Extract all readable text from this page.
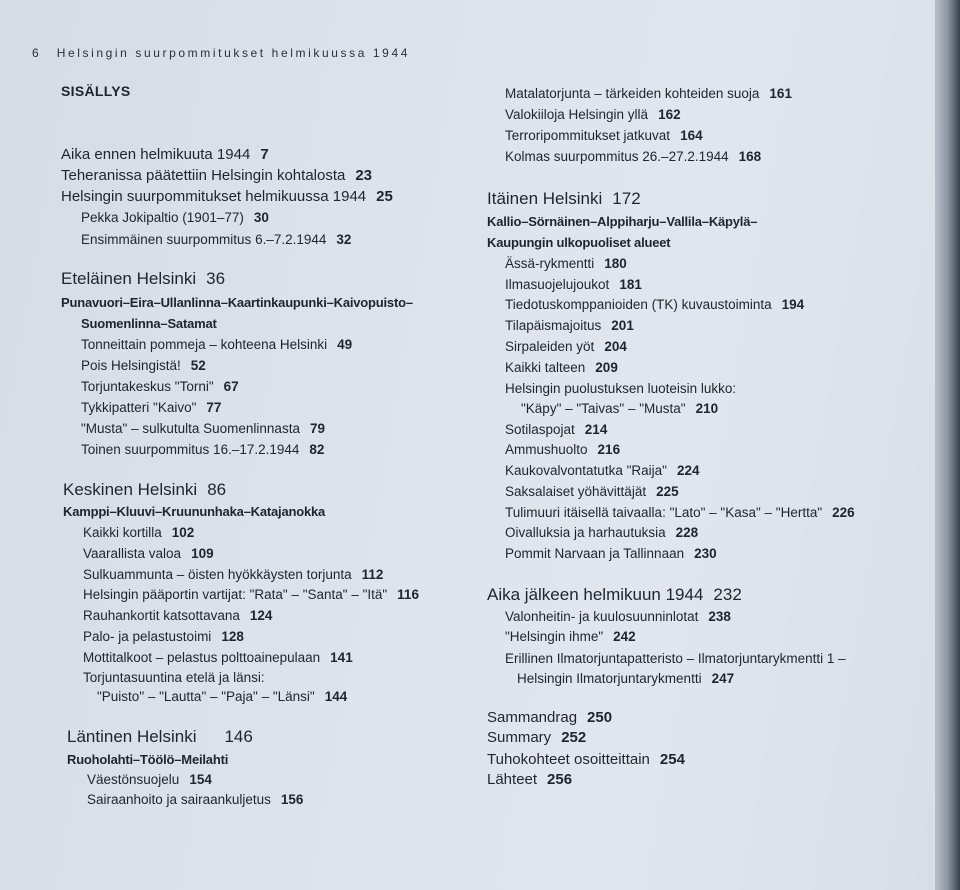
6 Helsingin suurpommitukset helmikuussa 1944
SISÄLLYS
Aika ennen helmikuuta 1944 7
Teheranissa päätettiin Helsingin kohtalosta 23
Helsingin suurpommitukset helmikuussa 1944 25
Pekka Jokipaltio (1901–77) 30
Ensimmäinen suurpommitus 6.–7.2.1944 32
Eteläinen Helsinki 36
Punavuori–Eira–Ullanlinna–Kaartinkaupunki–Kaivopuisto–
Suomenlinna–Satamat
Tonneittain pommeja – kohteena Helsinki 49
Pois Helsingistä! 52
Torjuntakeskus "Torni" 67
Tykkipatteri "Kaivo" 77
"Musta" – sulkutulta Suomenlinnasta 79
Toinen suurpommitus 16.–17.2.1944 82
Keskinen Helsinki 86
Kamppi–Kluuvi–Kruununhaka–Katajanokka
Kaikki kortilla 102
Vaarallista valoa 109
Sulkuammunta – öisten hyökkäysten torjunta 112
Helsingin pääportin vartijat: "Rata" – "Santa" – "Itä" 116
Rauhankortit katsottavana 124
Palo- ja pelastustoimi 128
Mottitalkoot – pelastus polttoainepulaan 141
Torjuntasuuntina etelä ja länsi:
"Puisto" – "Lautta" – "Paja" – "Länsi" 144
Läntinen Helsinki 146
Ruoholahti–Töölö–Meilahti
Väestönsuojelu 154
Sairaanhoito ja sairaankuljetus 156
Matalatorjunta – tärkeiden kohteiden suoja 161
Valokiiloja Helsingin yllä 162
Terroripommitukset jatkuvat 164
Kolmas suurpommitus 26.–27.2.1944 168
Itäinen Helsinki 172
Kallio–Sörnäinen–Alppiharju–Vallila–Käpylä–
Kaupungin ulkopuoliset alueet
Ässä-rykmentti 180
Ilmasuojelujoukot 181
Tiedotuskomppanioiden (TK) kuvaustoiminta 194
Tilapäismajoitus 201
Sirpaleiden yöt 204
Kaikki talteen 209
Helsingin puolustuksen luoteisin lukko:
"Käpy" – "Taivas" – "Musta" 210
Sotilaspojat 214
Ammushuolto 216
Kaukovalvontatutka "Raija" 224
Saksalaiset yöhävittäjät 225
Tulimuuri itäisellä taivaalla: "Lato" – "Kasa" – "Hertta" 226
Oivalluksia ja harhautuksia 228
Pommit Narvaan ja Tallinnaan 230
Aika jälkeen helmikuun 1944 232
Valonheitin- ja kuulosuunninlotat 238
"Helsingin ihme" 242
Erillinen Ilmatorjuntapatteristo – Ilmatorjuntarykmentti 1 –
Helsingin Ilmatorjuntarykmentti 247
Sammandrag 250
Summary 252
Tuhokohteet osoitteittain 254
Lähteet 256
